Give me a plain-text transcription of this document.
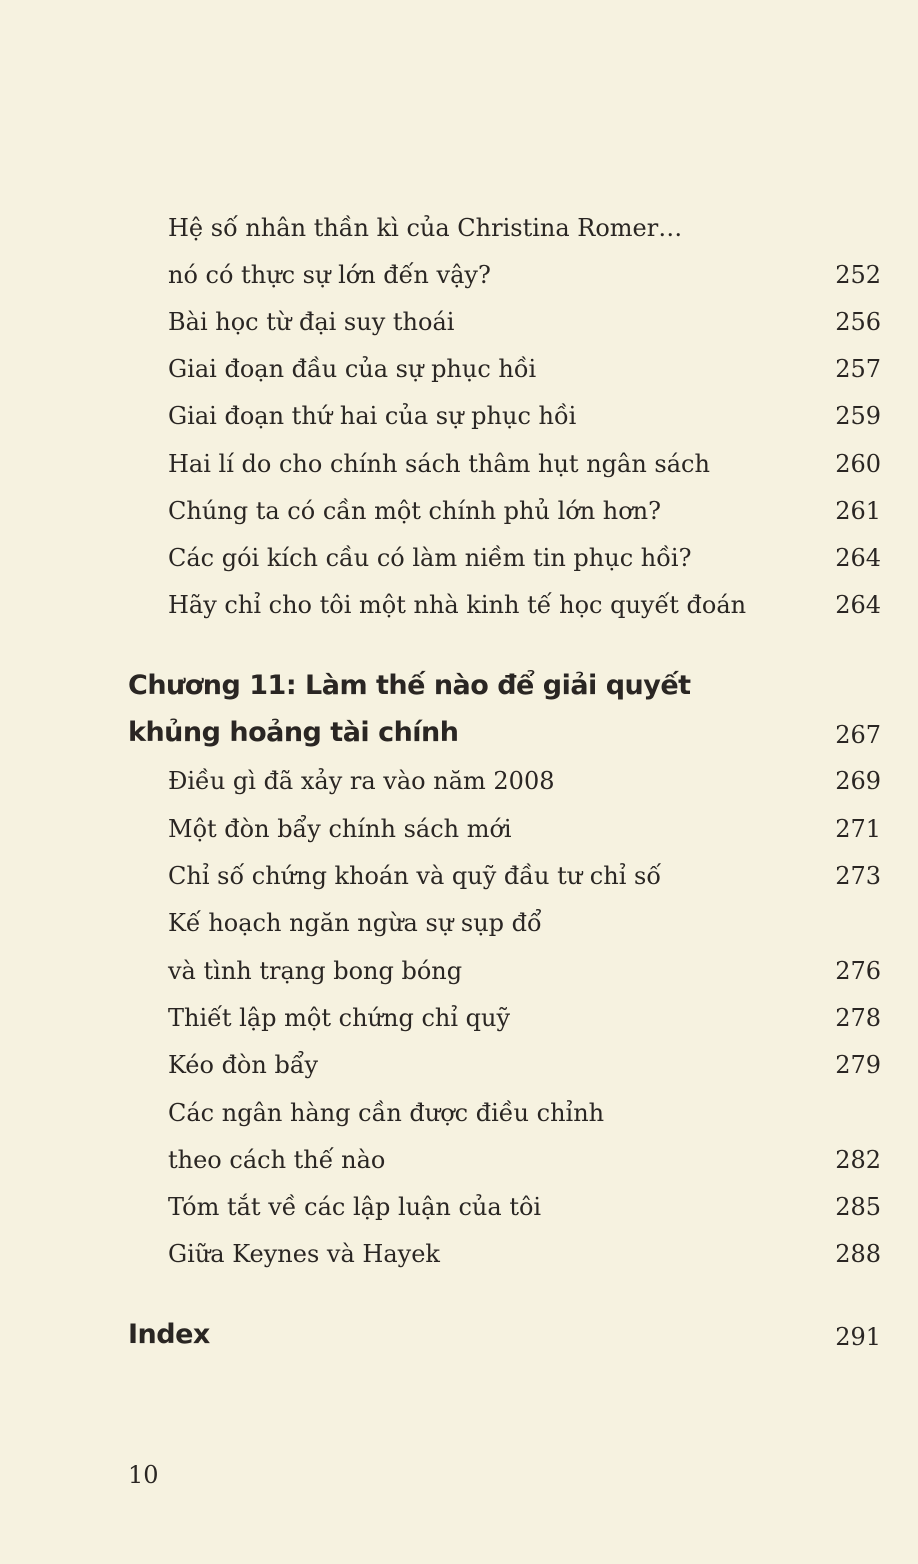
Hệ số nhân thần kì của Christina Romer…
nó có thực sự lớn đến vậy?	252
Bài học từ đại suy thoái	256
Giai đoạn đầu của sự phục hồi	257
Giai đoạn thứ hai của sự phục hồi	259
Hai lí do cho chính sách thâm hụt ngân sách	260
Chúng ta có cần một chính phủ lớn hơn?	261
Các gói kích cầu có làm niềm tin phục hồi?	264
Hãy chỉ cho tôi một nhà kinh tế học quyết đoán	264
Chương 11: Làm thế nào để giải quyết
khủng hoảng tài chính	267
Điều gì đã xảy ra vào năm 2008	269
Một đòn bẩy chính sách mới	271
Chỉ số chứng khoán và quỹ đầu tư chỉ số	273
Kế hoạch ngăn ngừa sự sụp đổ
và tình trạng bong bóng	276
Thiết lập một chứng chỉ quỹ	278
Kéo đòn bẩy	279
Các ngân hàng cần được điều chỉnh
theo cách thế nào	282
Tóm tắt về các lập luận của tôi	285
Giữa Keynes và Hayek	288
Index	291
10
